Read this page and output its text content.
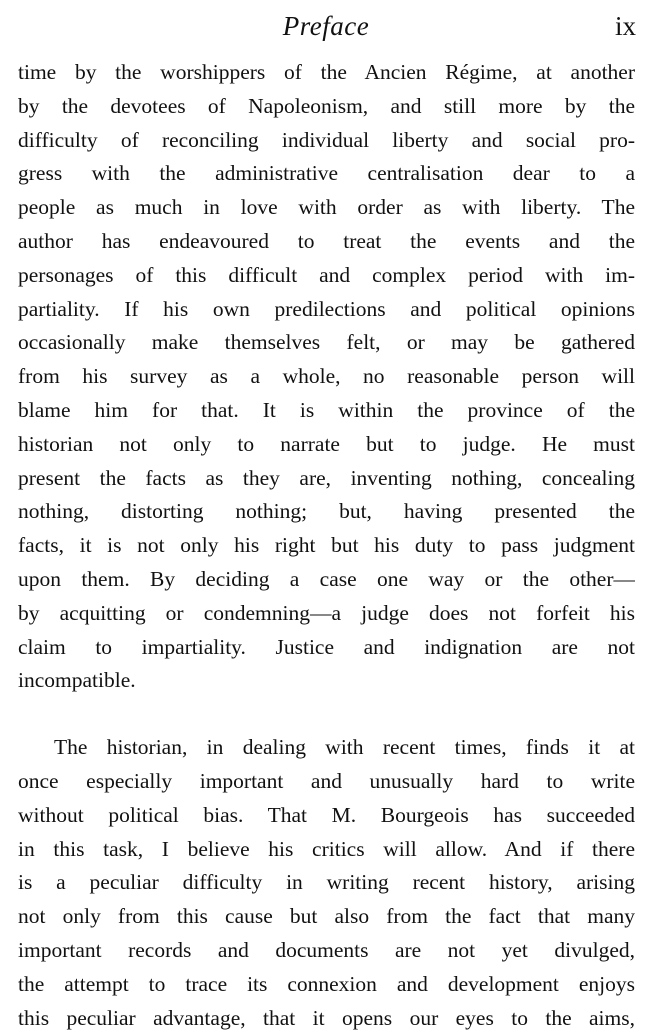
Preface	ix

time by the worshippers of the Ancien Régime, at another
by the devotees of Napoleonism, and still more by the
difficulty of reconciling individual liberty and social pro-
gress with the administrative centralisation dear to a
people as much in love with order as with liberty. The
author has endeavoured to treat the events and the
personages of this difficult and complex period with im-
partiality. If his own predilections and political opinions
occasionally make themselves felt, or may be gathered
from his survey as a whole, no reasonable person will
blame him for that. It is within the province of the
historian not only to narrate but to judge. He must
present the facts as they are, inventing nothing, concealing
nothing, distorting nothing; but, having presented the
facts, it is not only his right but his duty to pass judgment
upon them. By deciding a case one way or the other—
by acquitting or condemning—a judge does not forfeit his
claim to impartiality. Justice and indignation are not
incompatible.

The historian, in dealing with recent times, finds it at
once especially important and unusually hard to write
without political bias. That M. Bourgeois has succeeded
in this task, I believe his critics will allow. And if there
is a peculiar difficulty in writing recent history, arising
not only from this cause but also from the fact that many
important records and documents are not yet divulged,
the attempt to trace its connexion and development enjoys
this peculiar advantage, that it opens our eyes to the aims,
